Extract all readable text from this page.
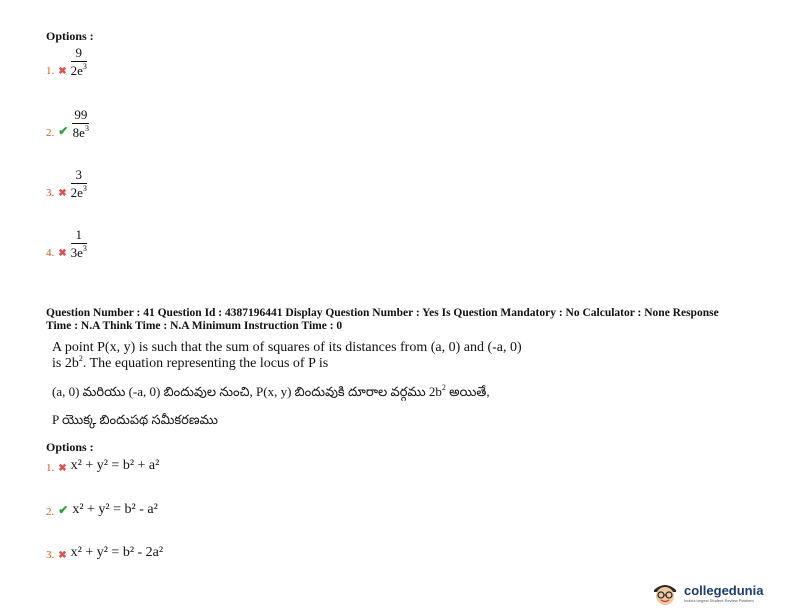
Options :
1. ✖ $\frac{9}{2e^3}$
2. ✔ $\frac{99}{8e^3}$
3. ✖ $\frac{3}{2e^3}$
4. ✖ $\frac{1}{3e^3}$
Question Number : 41 Question Id : 4387196441 Display Question Number : Yes Is Question Mandatory : No Calculator : None Response
Time : N.A Think Time : N.A Minimum Instruction Time : 0
A point P(x, y) is such that the sum of squares of its distances from (a, 0) and (-a, 0)
is $2b^2$. The equation representing the locus of P is
(a, 0) మరియు (-a, 0) బిందువుల నుంచి, P(x, y) బిందువుకి దూరాల వర్గము $2b^2$ అయితే,
P యొక్క బిందుపథ సమీకరణము
Options :
1. ✖ x² + y² = b² + a²
2. ✔ x² + y² = b² - a²
3. ✖ x² + y² = b² - 2a²
collegedunia
India's largest Student Review Platform
